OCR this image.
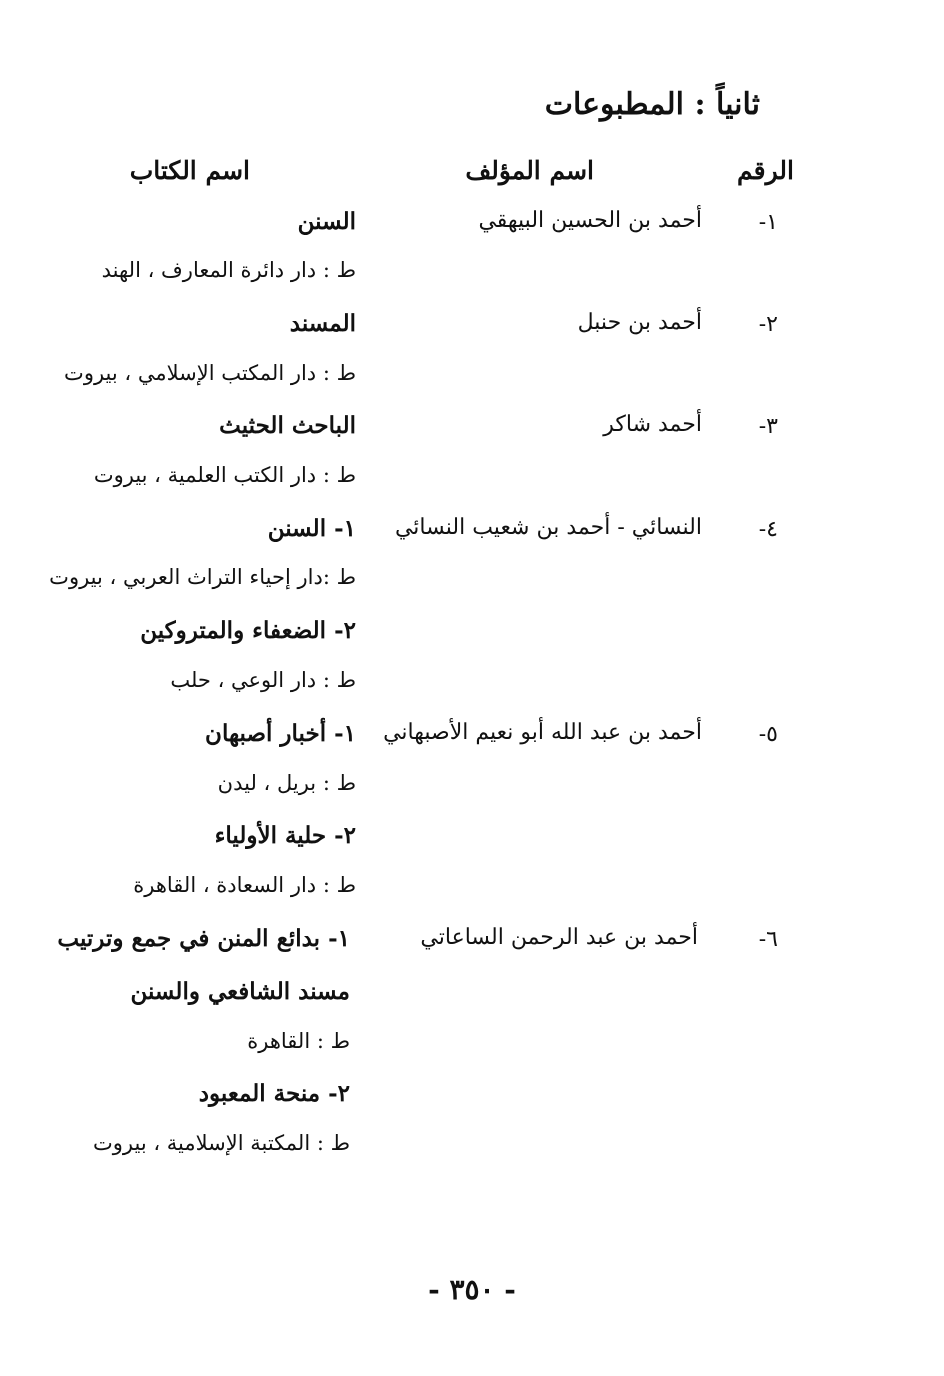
ثانياً : المطبوعات
الرقم
اسم المؤلف
اسم الكتاب
١-
أحمد بن الحسين البيهقي
السنن
ط : دار دائرة المعارف ، الهند
٢-
أحمد بن حنبل
المسند
ط : دار المكتب الإسلامي ، بيروت
٣-
أحمد شاكر
الباحث الحثيث
ط : دار الكتب العلمية ، بيروت
٤-
النسائي - أحمد بن شعيب النسائي
١- السنن
ط :دار إحياء التراث العربي ، بيروت
٢- الضعفاء والمتروكين
ط : دار الوعي ، حلب
٥-
أحمد بن عبد الله أبو نعيم الأصبهاني
١- أخبار أصبهان
ط : بريل ، ليدن
٢- حلية الأولياء
ط : دار السعادة ، القاهرة
٦-
أحمد بن عبد الرحمن الساعاتي
١- بدائع المنن في جمع وترتيب
مسند الشافعي والسنن
ط : القاهرة
٢- منحة المعبود
ط : المكتبة الإسلامية ، بيروت
- ٣٥٠ -
